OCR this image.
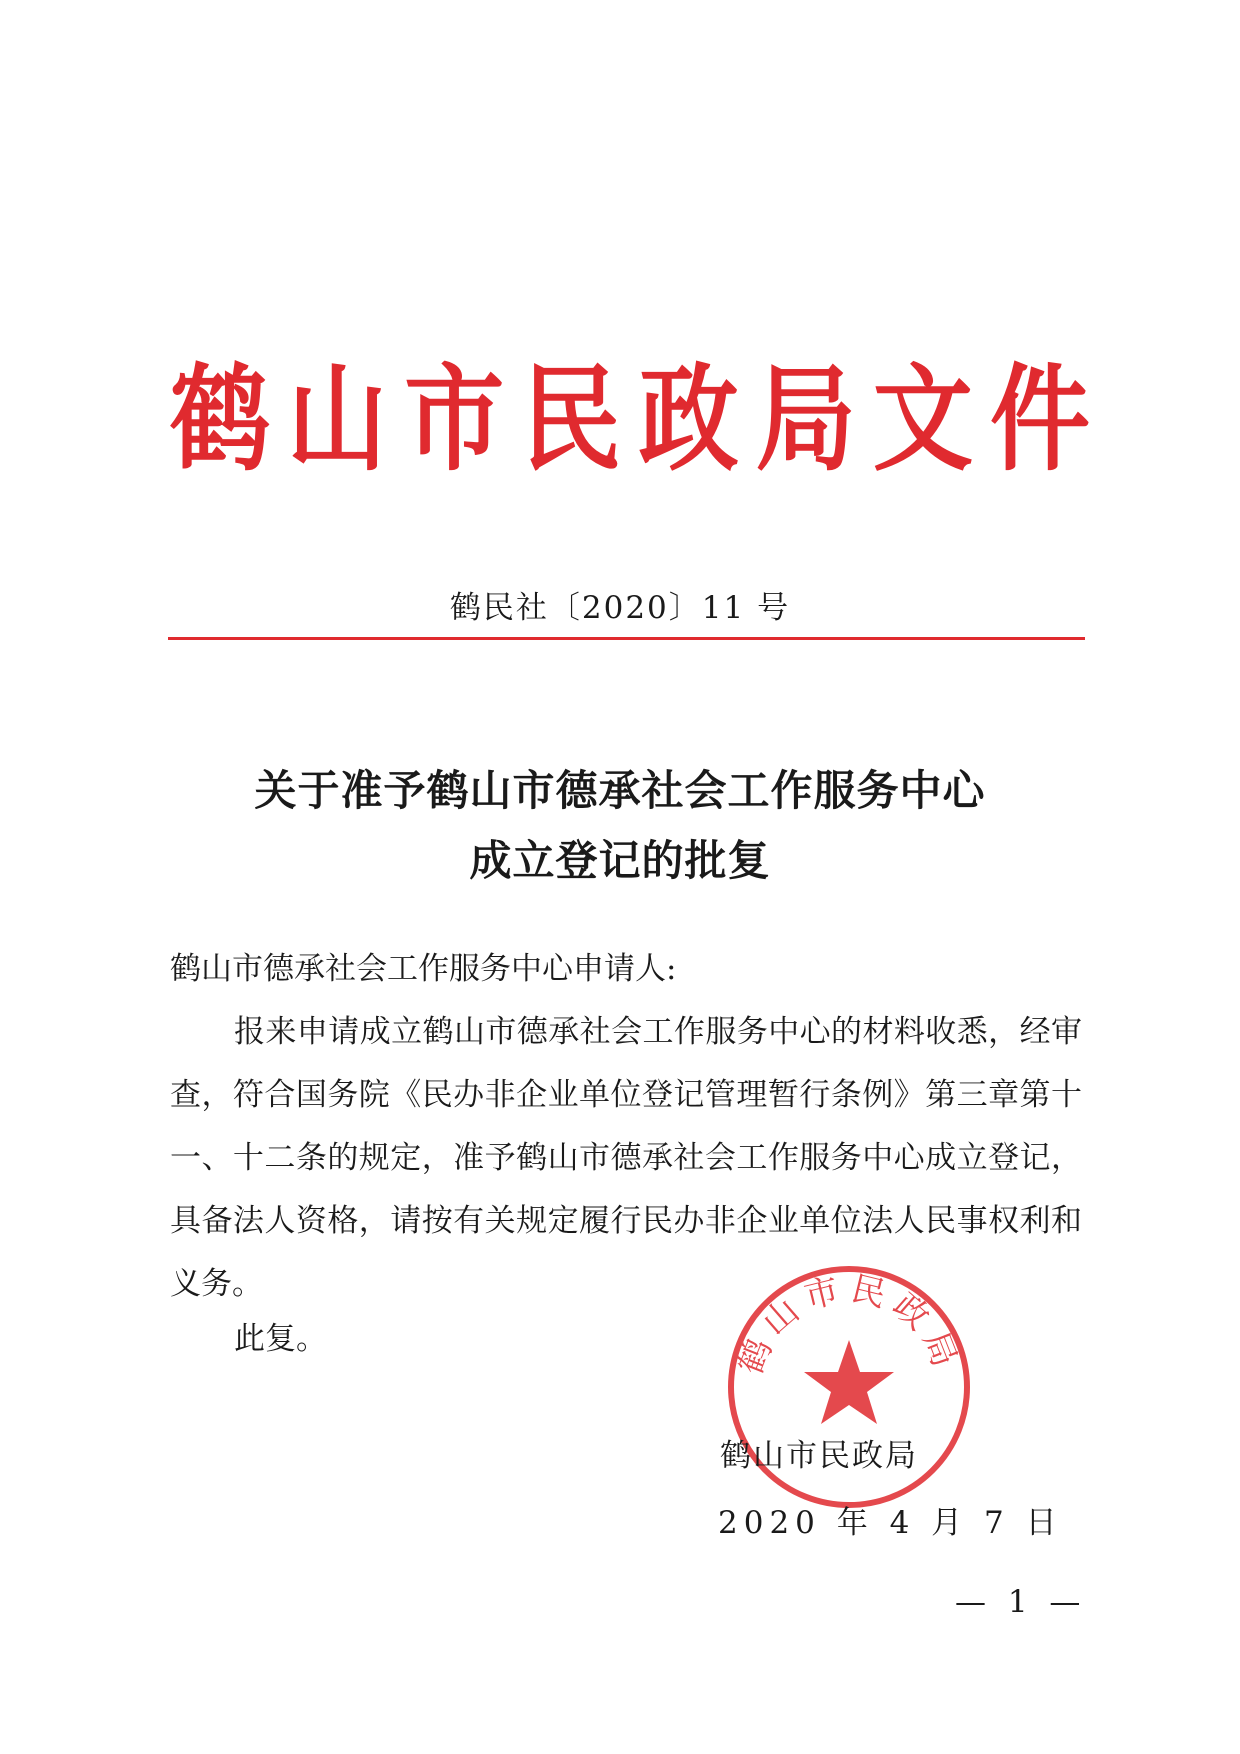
鹤 山 市 民 政 局 文 件
鹤民社〔2020〕11 号
关于准予鹤山市德承社会工作服务中心
成立登记的批复
鹤山市德承社会工作服务中心申请人:
报来申请成立鹤山市德承社会工作服务中心的材料收悉，经审查，符合国务院《民办非企业单位登记管理暂行条例》第三章第十一、十二条的规定，准予鹤山市德承社会工作服务中心成立登记，具备法人资格，请按有关规定履行民办非企业单位法人民事权利和义务。
此复。	鹤山市民政局
鹤山市民政局
2020 年 4 月 7 日
— 1 —
